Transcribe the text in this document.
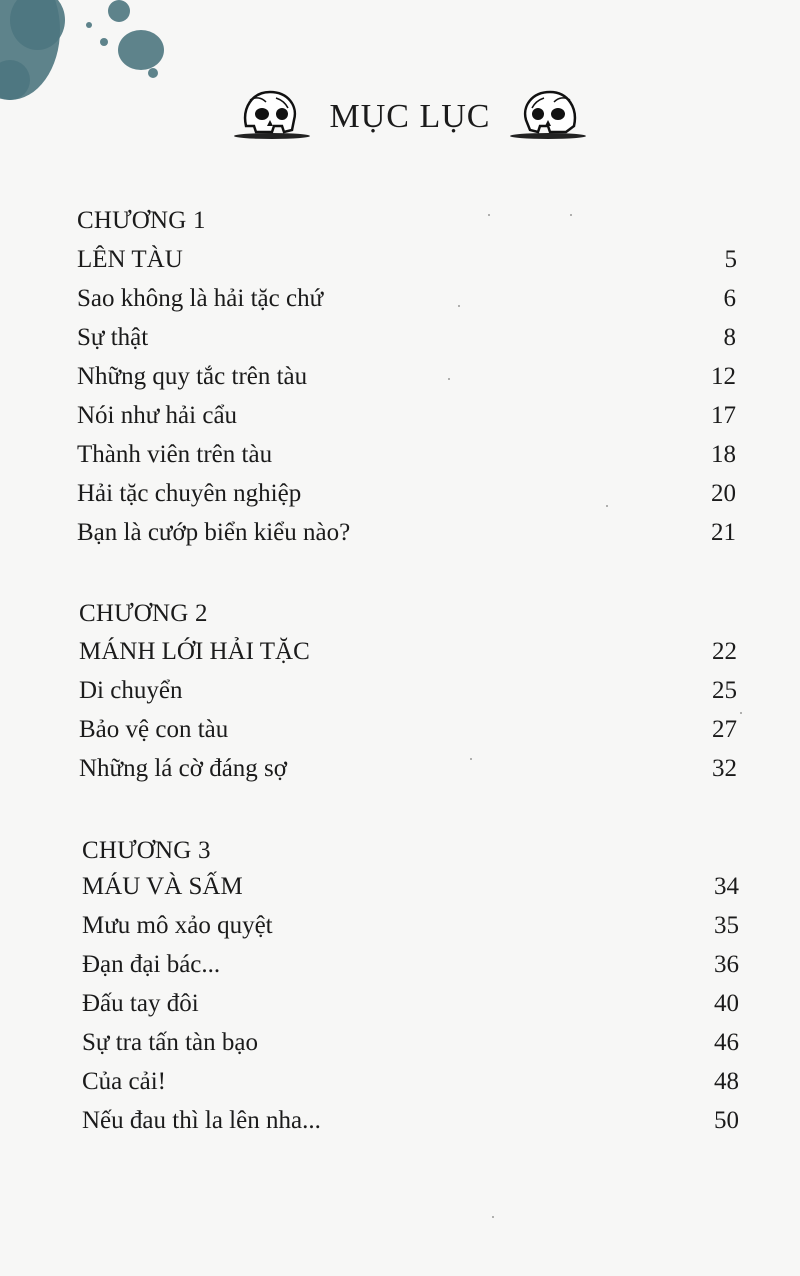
MỤC LỤC
CHƯƠNG 1
LÊN TÀU	5
Sao không là hải tặc chứ	6
Sự thật	8
Những quy tắc trên tàu	12
Nói như hải cẩu	17
Thành viên trên tàu	18
Hải tặc chuyên nghiệp	20
Bạn là cướp biển kiểu nào?	21
CHƯƠNG 2
MÁNH LỚI HẢI TẶC	22
Di chuyển	25
Bảo vệ con tàu	27
Những lá cờ đáng sợ	32
CHƯƠNG 3
MÁU VÀ SẤM	34
Mưu mô xảo quyệt	35
Đạn đại bác...	36
Đấu tay đôi	40
Sự tra tấn tàn bạo	46
Của cải!	48
Nếu đau thì la lên nha...	50
